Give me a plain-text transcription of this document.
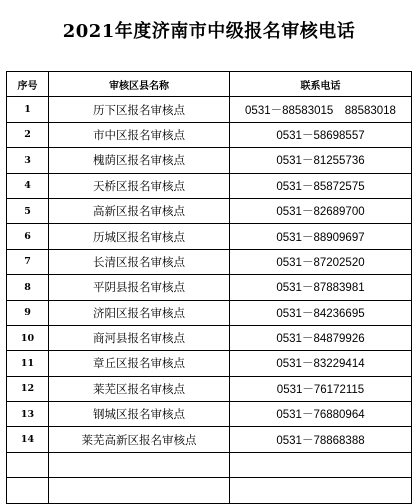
2021年度济南市中级报名审核电话
序号	审核区县名称	联系电话
1	历下区报名审核点	0531－88583015　88583018
2	市中区报名审核点	0531－58698557
3	槐荫区报名审核点	0531－81255736
4	天桥区报名审核点	0531－85872575
5	高新区报名审核点	0531－82689700
6	历城区报名审核点	0531－88909697
7	长清区报名审核点	0531－87202520
8	平阴县报名审核点	0531－87883981
9	济阳区报名审核点	0531－84236695
10	商河县报名审核点	0531－84879926
11	章丘区报名审核点	0531－83229414
12	莱芜区报名审核点	0531－76172115
13	钢城区报名审核点	0531－76880964
14	莱芜高新区报名审核点	0531－78868388
